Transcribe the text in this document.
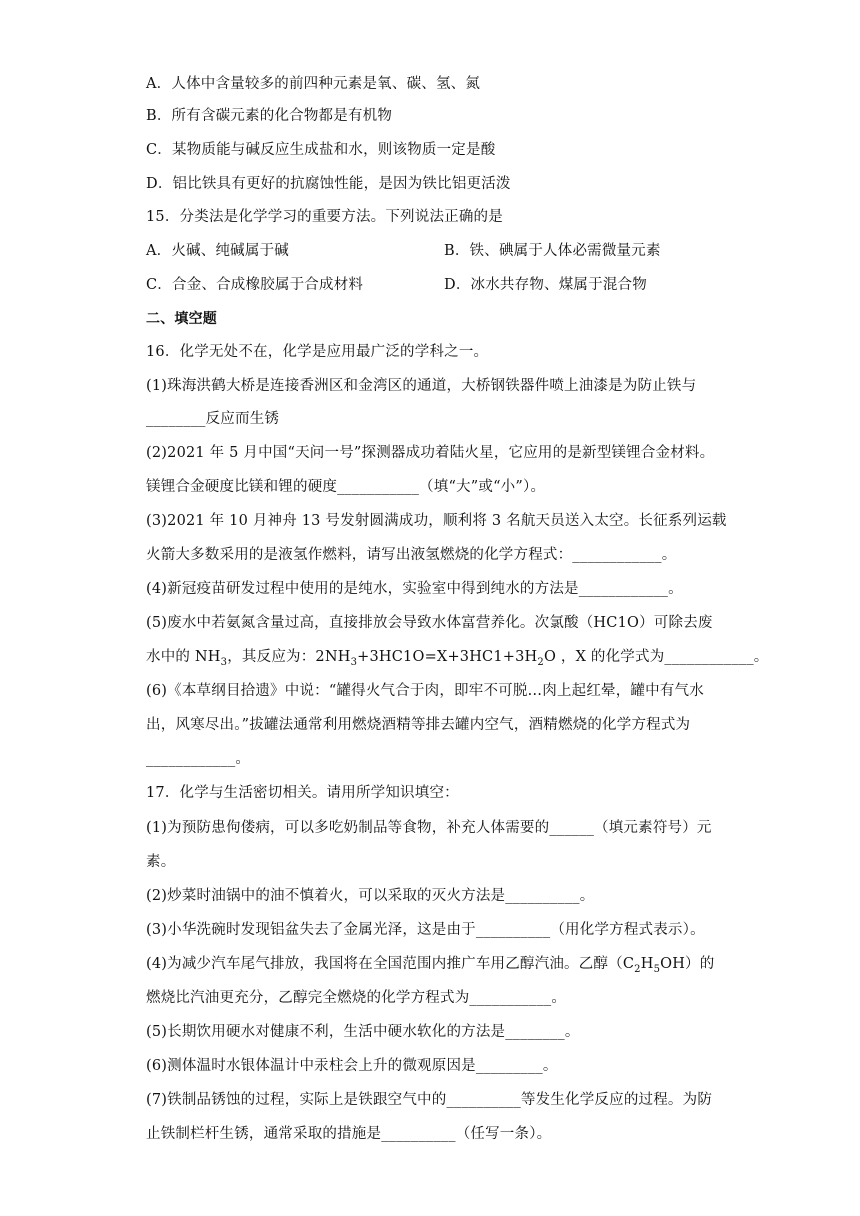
A．人体中含量较多的前四种元素是氧、碳、氢、氮
B．所有含碳元素的化合物都是有机物
C．某物质能与碱反应生成盐和水，则该物质一定是酸
D．铝比铁具有更好的抗腐蚀性能，是因为铁比铝更活泼
15．分类法是化学学习的重要方法。下列说法正确的是
A．火碱、纯碱属于碱	B．铁、碘属于人体必需微量元素
C．合金、合成橡胶属于合成材料	D．冰水共存物、煤属于混合物
二、填空题
16．化学无处不在，化学是应用最广泛的学科之一。
(1)珠海洪鹤大桥是连接香洲区和金湾区的通道，大桥钢铁器件喷上油漆是为防止铁与
________反应而生锈
(2)2021 年 5 月中国“天问一号”探测器成功着陆火星，它应用的是新型镁锂合金材料。
镁锂合金硬度比镁和锂的硬度___________（填“大”或“小”）。
(3)2021 年 10 月神舟 13 号发射圆满成功，顺利将 3 名航天员送入太空。长征系列运载
火箭大多数采用的是液氢作燃料，请写出液氢燃烧的化学方程式：____________。
(4)新冠疫苗研发过程中使用的是纯水，实验室中得到纯水的方法是____________。
(5)废水中若氨氮含量过高，直接排放会导致水体富营养化。次氯酸（HC1O）可除去废
水中的 $NH_3$，其反应为：$2NH_3+3HC1O=X+3HC1+3H_2O$ ，X 的化学式为____________。
(6)《本草纲目拾遗》中说：“罐得火气合于肉，即牢不可脱…肉上起红晕，罐中有气水
出，风寒尽出。”拔罐法通常利用燃烧酒精等排去罐内空气，酒精燃烧的化学方程式为
____________。
17．化学与生活密切相关。请用所学知识填空：
(1)为预防患佝偻病，可以多吃奶制品等食物，补充人体需要的______（填元素符号）元
素。
(2)炒菜时油锅中的油不慎着火，可以采取的灭火方法是__________。
(3)小华洗碗时发现铝盆失去了金属光泽，这是由于__________（用化学方程式表示）。
(4)为减少汽车尾气排放，我国将在全国范围内推广车用乙醇汽油。乙醇$(C_2H_5OH)$的
燃烧比汽油更充分，乙醇完全燃烧的化学方程式为___________。
(5)长期饮用硬水对健康不利，生活中硬水软化的方法是________。
(6)测体温时水银体温计中汞柱会上升的微观原因是_________。
(7)铁制品锈蚀的过程，实际上是铁跟空气中的__________等发生化学反应的过程。为防
止铁制栏杆生锈，通常采取的措施是__________（任写一条）。
